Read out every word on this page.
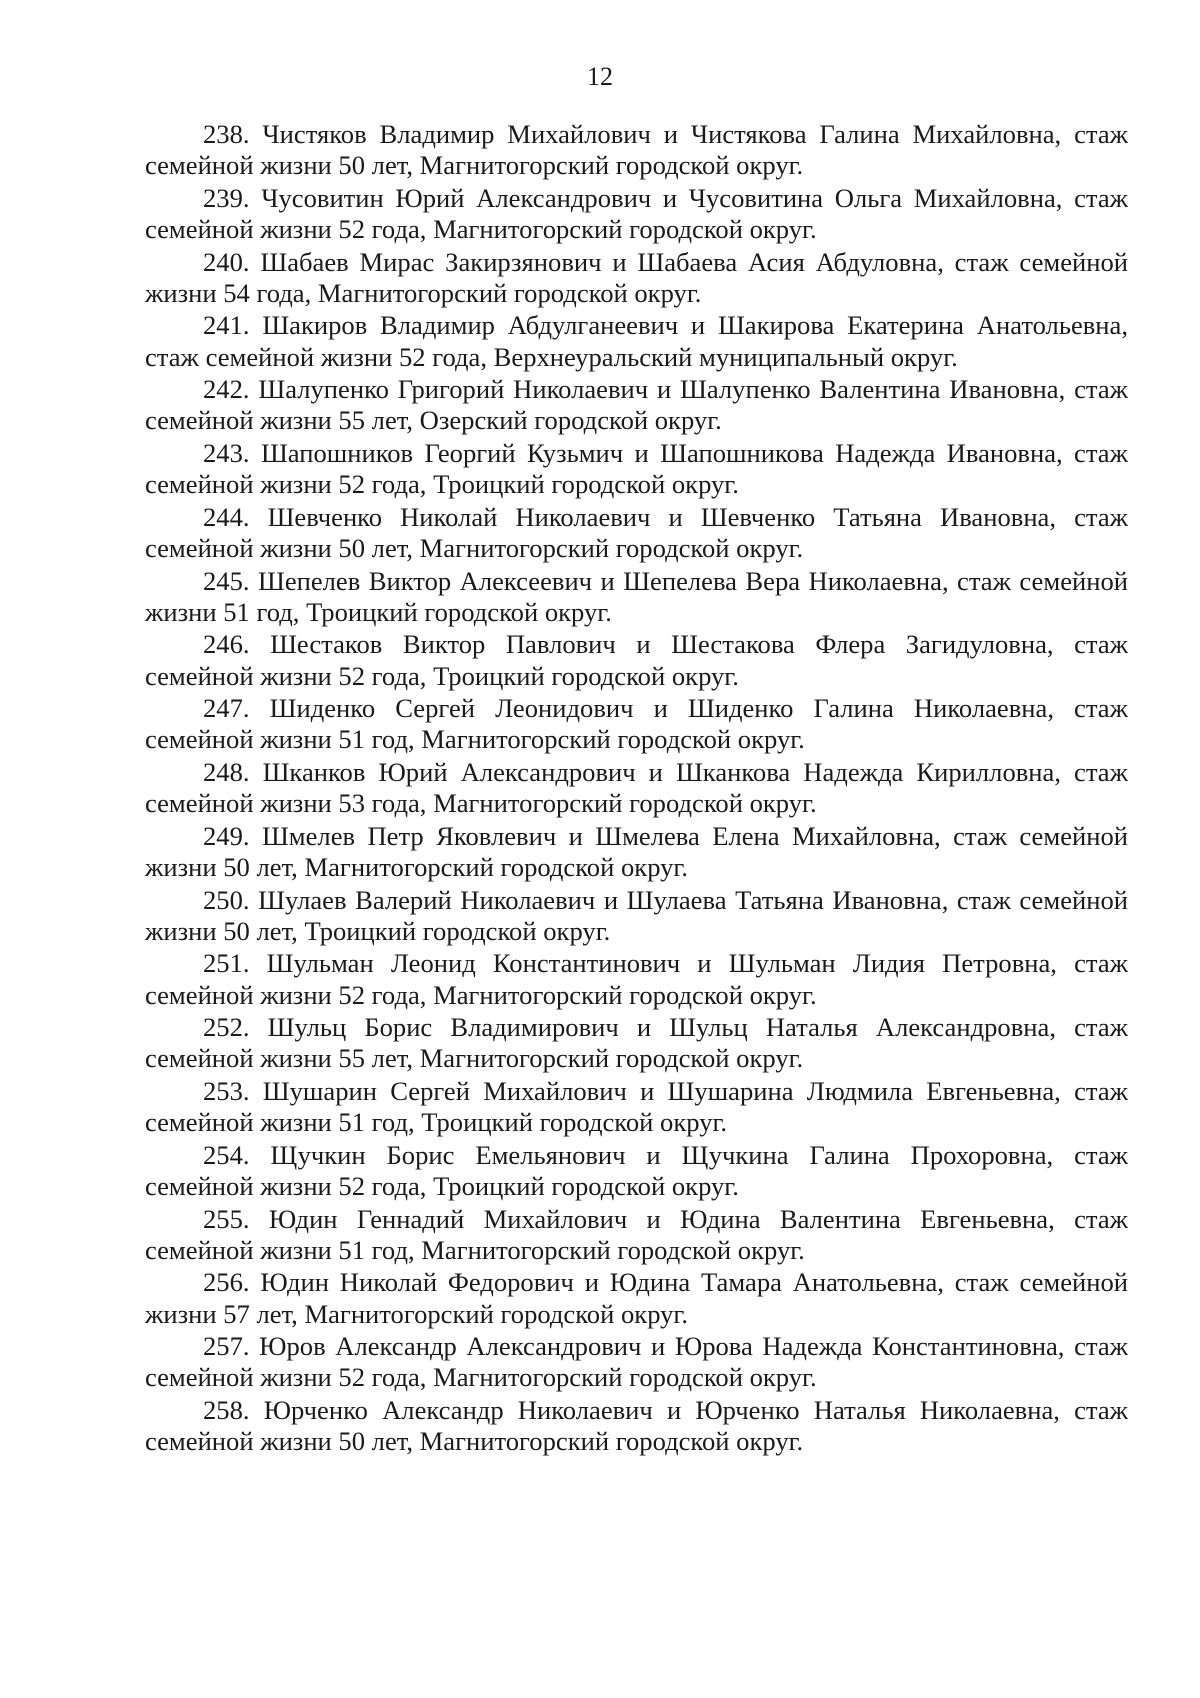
12

238. Чистяков Владимир Михайлович и Чистякова Галина Михайловна, стаж семейной жизни 50 лет, Магнитогорский городской округ.

239. Чусовитин Юрий Александрович и Чусовитина Ольга Михайловна, стаж семейной жизни 52 года, Магнитогорский городской округ.

240. Шабаев Мирас Закирзянович и Шабаева Асия Абдуловна, стаж семейной жизни 54 года, Магнитогорский городской округ.

241. Шакиров Владимир Абдулганеевич и Шакирова Екатерина Анатольевна, стаж семейной жизни 52 года, Верхнеуральский муниципальный округ.

242. Шалупенко Григорий Николаевич и Шалупенко Валентина Ивановна, стаж семейной жизни 55 лет, Озерский городской округ.

243. Шапошников Георгий Кузьмич и Шапошникова Надежда Ивановна, стаж семейной жизни 52 года, Троицкий городской округ.

244. Шевченко Николай Николаевич и Шевченко Татьяна Ивановна, стаж семейной жизни 50 лет, Магнитогорский городской округ.

245. Шепелев Виктор Алексеевич и Шепелева Вера Николаевна, стаж семейной жизни 51 год, Троицкий городской округ.

246. Шестаков Виктор Павлович и Шестакова Флера Загидуловна, стаж семейной жизни 52 года, Троицкий городской округ.

247. Шиденко Сергей Леонидович и Шиденко Галина Николаевна, стаж семейной жизни 51 год, Магнитогорский городской округ.

248. Шканков Юрий Александрович и Шканкова Надежда Кирилловна, стаж семейной жизни 53 года, Магнитогорский городской округ.

249. Шмелев Петр Яковлевич и Шмелева Елена Михайловна, стаж семейной жизни 50 лет, Магнитогорский городской округ.

250. Шулаев Валерий Николаевич и Шулаева Татьяна Ивановна, стаж семейной жизни 50 лет, Троицкий городской округ.

251. Шульман Леонид Константинович и Шульман Лидия Петровна, стаж семейной жизни 52 года, Магнитогорский городской округ.

252. Шульц Борис Владимирович и Шульц Наталья Александровна, стаж семейной жизни 55 лет, Магнитогорский городской округ.

253. Шушарин Сергей Михайлович и Шушарина Людмила Евгеньевна, стаж семейной жизни 51 год, Троицкий городской округ.

254. Щучкин Борис Емельянович и Щучкина Галина Прохоровна, стаж семейной жизни 52 года, Троицкий городской округ.

255. Юдин Геннадий Михайлович и Юдина Валентина Евгеньевна, стаж семейной жизни 51 год, Магнитогорский городской округ.

256. Юдин Николай Федорович и Юдина Тамара Анатольевна, стаж семейной жизни 57 лет, Магнитогорский городской округ.

257. Юров Александр Александрович и Юрова Надежда Константиновна, стаж семейной жизни 52 года, Магнитогорский городской округ.

258. Юрченко Александр Николаевич и Юрченко Наталья Николаевна, стаж семейной жизни 50 лет, Магнитогорский городской округ.
